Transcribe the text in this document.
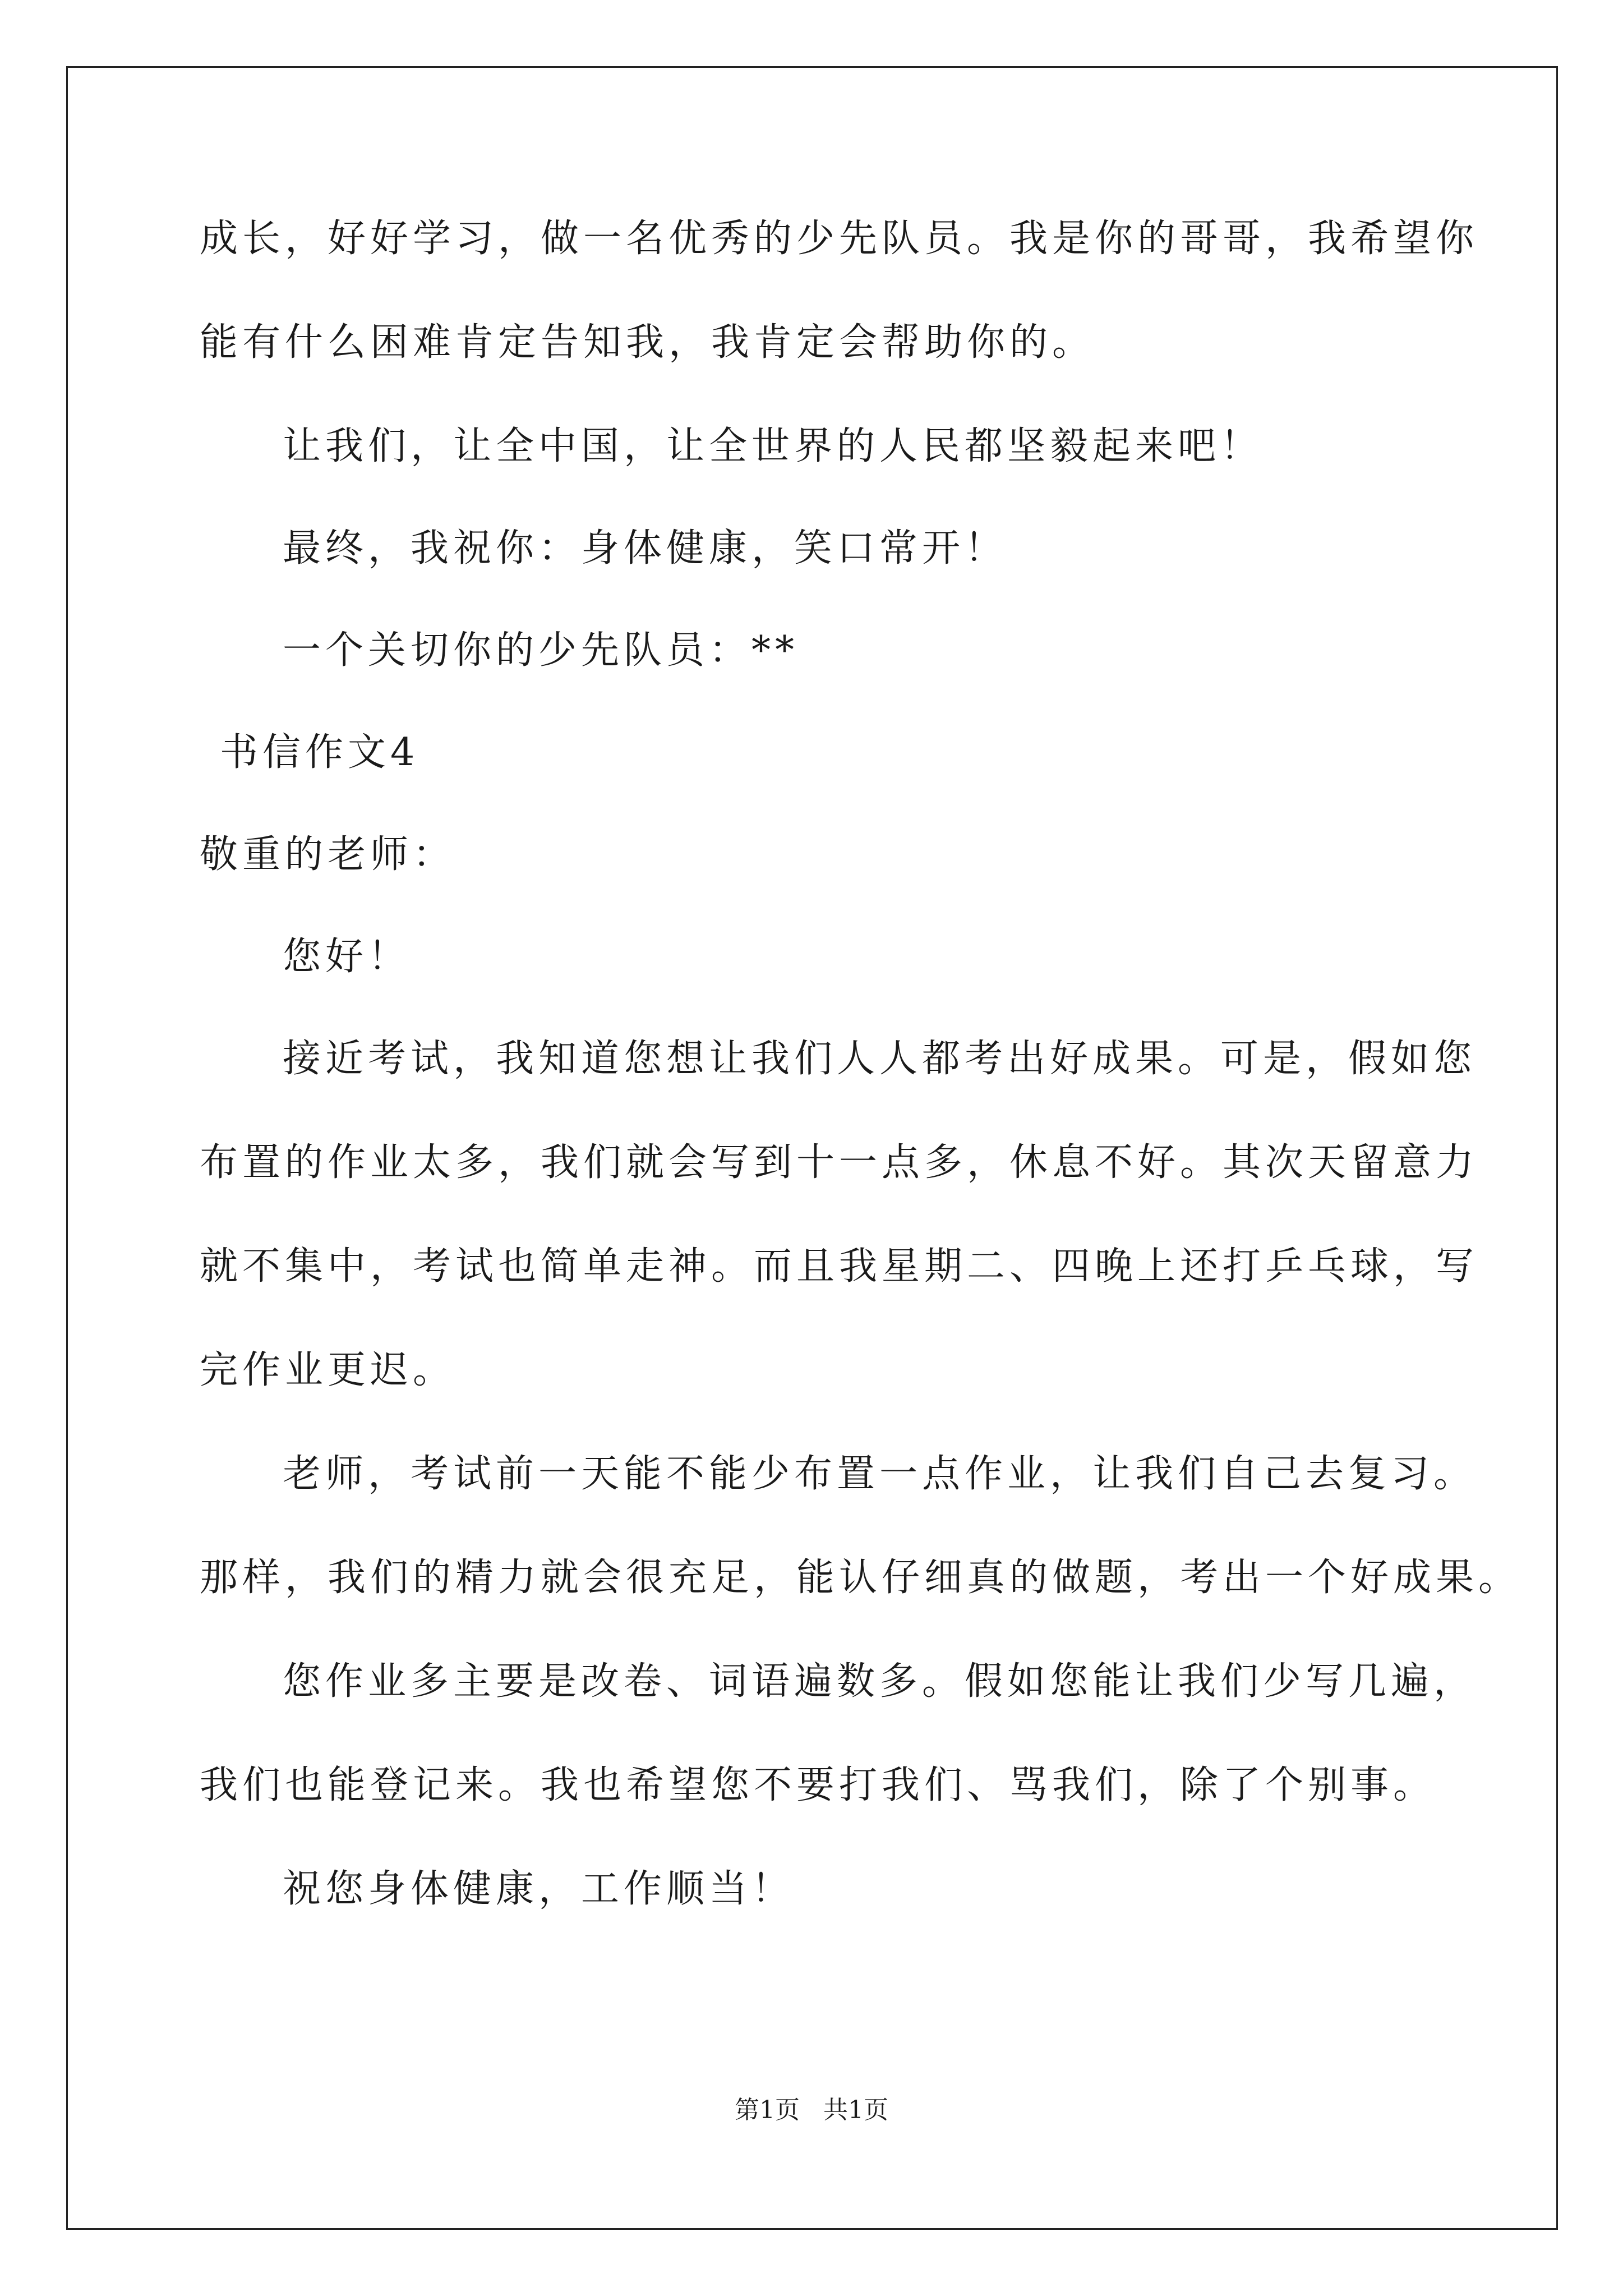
成长，好好学习，做一名优秀的少先队员。我是你的哥哥，我希望你
能有什么困难肯定告知我，我肯定会帮助你的。
让我们，让全中国，让全世界的人民都坚毅起来吧！
最终，我祝你：身体健康，笑口常开！
一个关切你的少先队员：**
书信作文4
敬重的老师：
您好！
接近考试，我知道您想让我们人人都考出好成果。可是，假如您
布置的作业太多，我们就会写到十一点多，休息不好。其次天留意力
就不集中，考试也简单走神。而且我星期二、四晚上还打乒乓球，写
完作业更迟。
老师，考试前一天能不能少布置一点作业，让我们自己去复习。
那样，我们的精力就会很充足，能认仔细真的做题，考出一个好成果。
您作业多主要是改卷、词语遍数多。假如您能让我们少写几遍，
我们也能登记来。我也希望您不要打我们、骂我们，除了个别事。
祝您身体健康，工作顺当！
第1页 共1页
